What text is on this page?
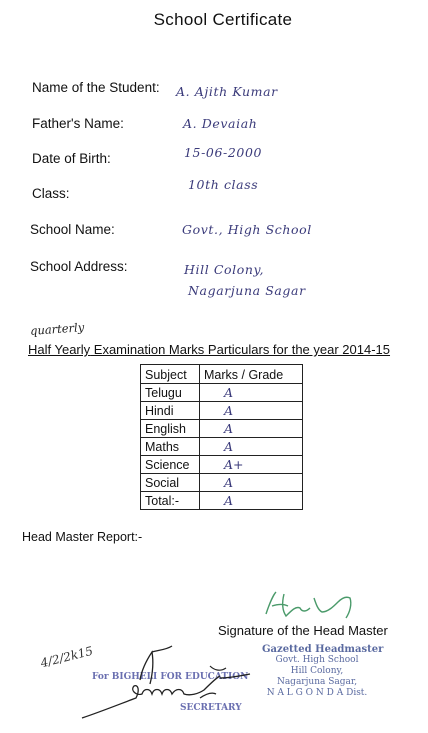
School Certificate
Name of the Student: A. Ajith Kumar
Father's Name:	A. Devaiah
Date of Birth:	15-06-2000
Class:
10th class
School Name:	Govt., High School
School Address:	Hill Colony,
Nagarjuna Sagar
quarterly
Half Yearly Examination Marks Particulars for the year 2014-15
Subject	Marks / Grade
Telugu	A
Hindi	A
English	A
Maths	A
Science	A+
Social	A
Total:-	A
Head Master Report:-
Signature of the Head Master
Gazetted Headmaster
Govt. High School
Hill Colony,
Nagarjuna Sagar,
N A L G O N D A Dist.
4/2/2k15
For BIGHELI FOR EDUCATION
SECRETARY
